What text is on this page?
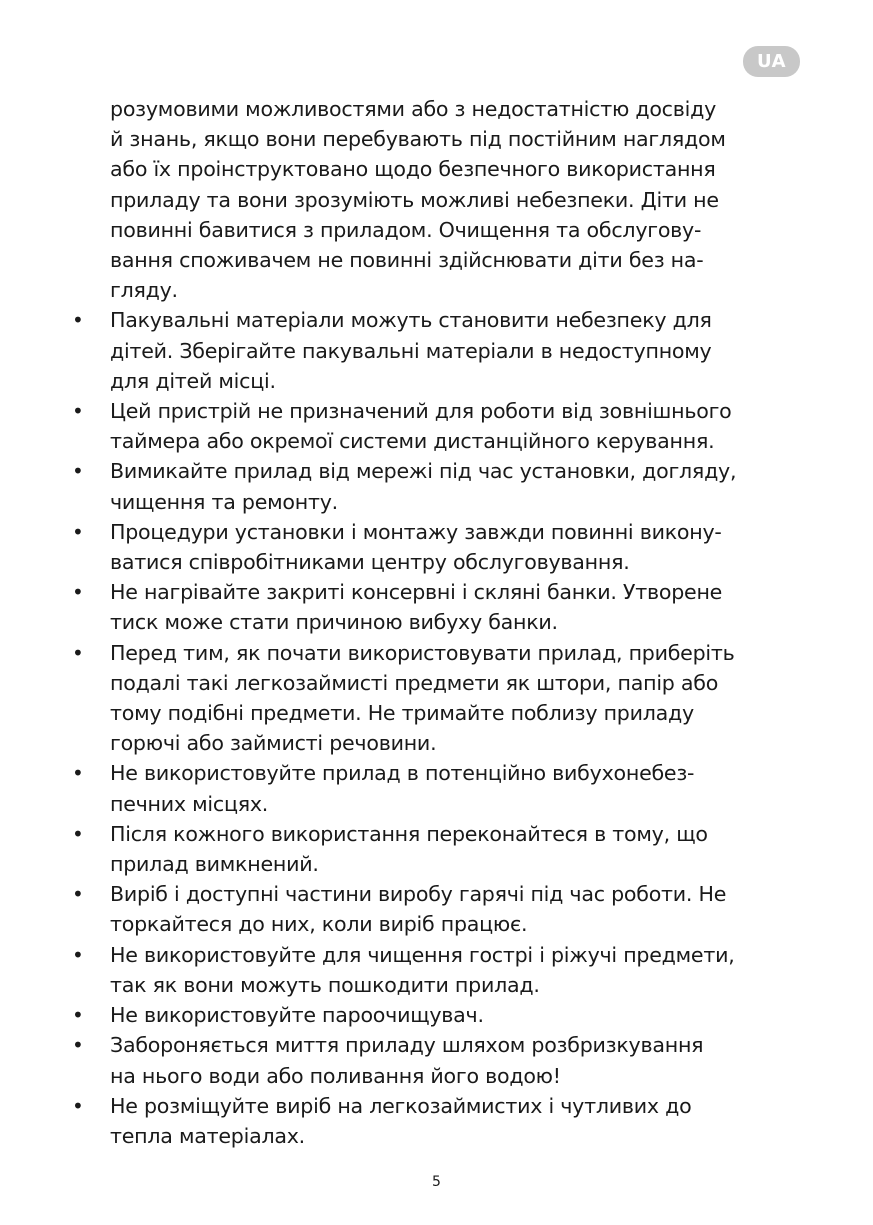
UA

розумовими можливостями або з недостатністю досвіду
й знань, якщо вони перебувають під постійним наглядом
або їх проінструктовано щодо безпечного використання
приладу та вони зрозуміють можливі небезпеки. Діти не
повинні бавитися з приладом. Очищення та обслугову-
вання споживачем не повинні здійснювати діти без на-
гляду.

• Пакувальні матеріали можуть становити небезпеку для
дітей. Зберігайте пакувальні матеріали в недоступному
для дітей місці.
• Цей пристрій не призначений для роботи від зовнішнього
таймера або окремої системи дистанційного керування.
• Вимикайте прилад від мережі під час установки, догляду,
чищення та ремонту.
• Процедури установки і монтажу завжди повинні викону-
ватися співробітниками центру обслуговування.
• Не нагрівайте закриті консервні і скляні банки. Утворене
тиск може стати причиною вибуху банки.
• Перед тим, як почати використовувати прилад, приберіть
подалі такі легкозаймисті предмети як штори, папір або
тому подібні предмети. Не тримайте поблизу приладу
горючі або займисті речовини.
• Не використовуйте прилад в потенційно вибухонебез-
печних місцях.
• Після кожного використання переконайтеся в тому, що
прилад вимкнений.
• Виріб і доступні частини виробу гарячі під час роботи. Не
торкайтеся до них, коли виріб працює.
• Не використовуйте для чищення гострі і ріжучі предмети,
так як вони можуть пошкодити прилад.
• Не використовуйте пароочищувач.
• Забороняється миття приладу шляхом розбризкування
на нього води або поливання його водою!
• Не розміщуйте виріб на легкозаймистих і чутливих до
тепла матеріалах.
5
